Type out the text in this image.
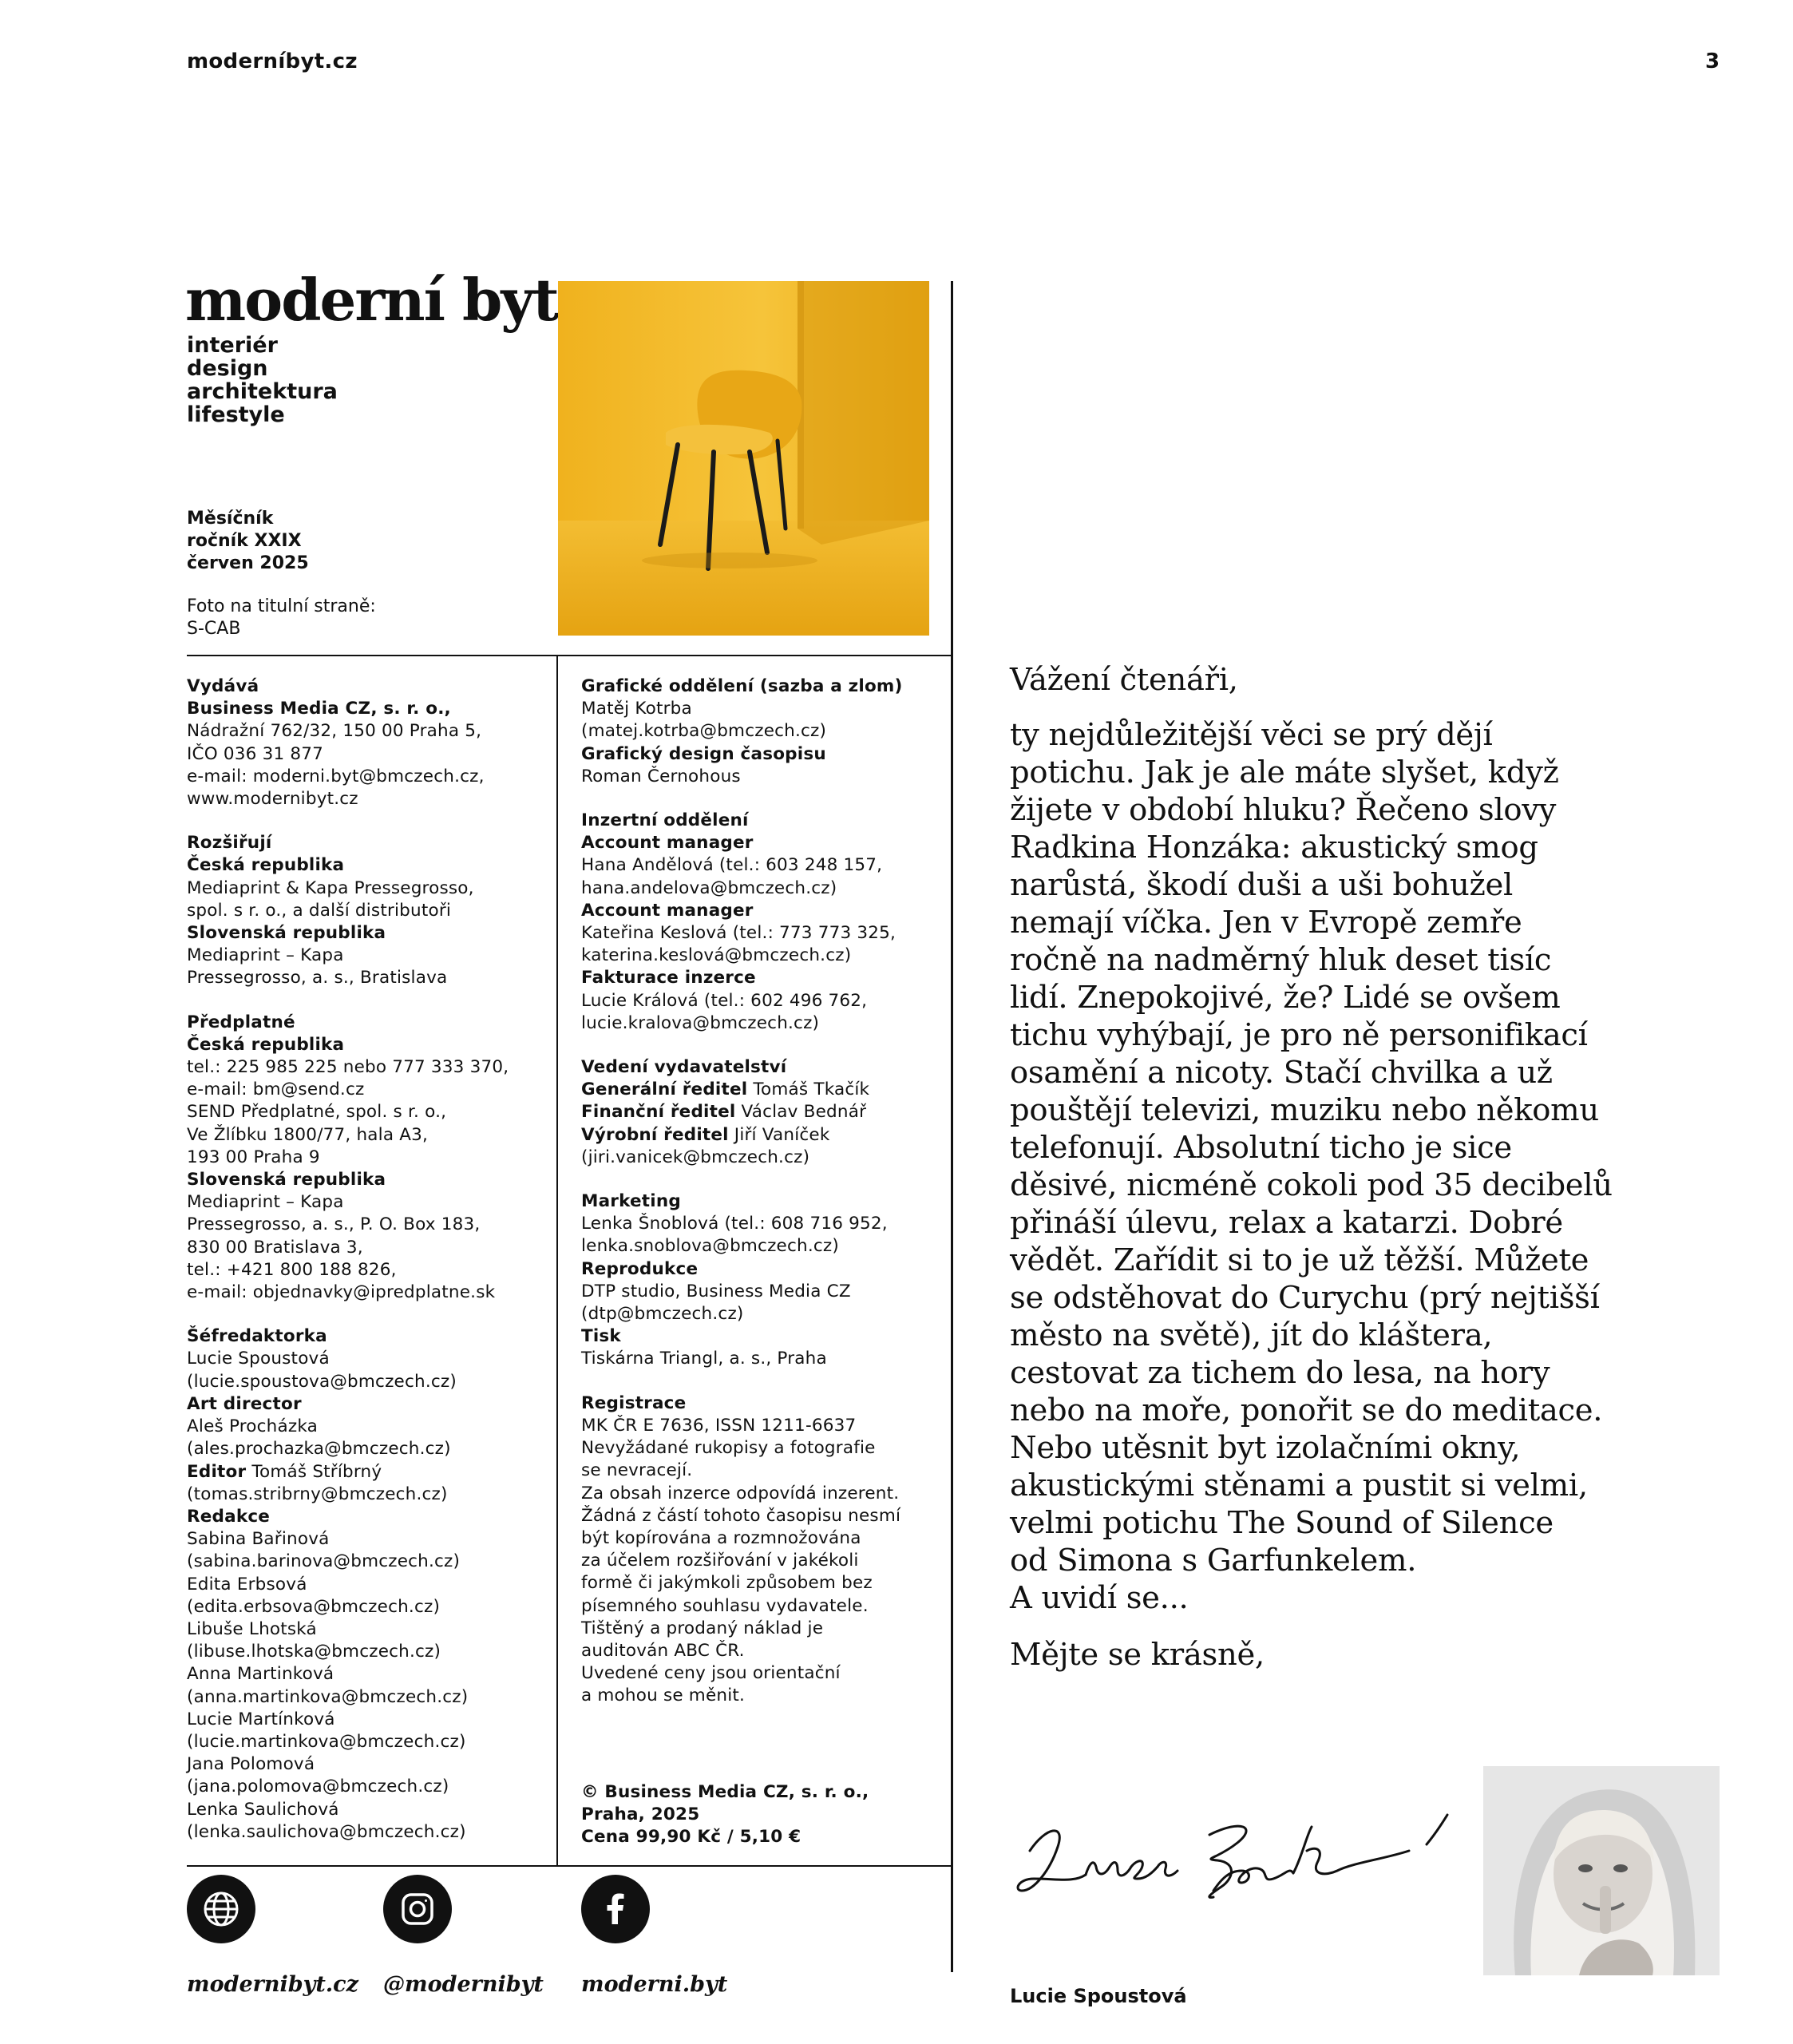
moderníbyt.cz	3
moderní byt
interiér
design
architektura
lifestyle
Měsíčník
ročník XXIX
červen 2025
Foto na titulní straně:
S-CAB
Vydává
Business Media CZ, s. r. o.,
Nádražní 762/32, 150 00 Praha 5,
IČO 036 31 877
e-mail: moderni.byt@bmczech.cz,
www.modernibyt.cz
Rozšiřují
Česká republika
Mediaprint & Kapa Pressegrosso,
spol. s r. o., a další distributoři
Slovenská republika
Mediaprint – Kapa
Pressegrosso, a. s., Bratislava
Předplatné
Česká republika
tel.: 225 985 225 nebo 777 333 370,
e-mail: bm@send.cz
SEND Předplatné, spol. s r. o.,
Ve Žlíbku 1800/77, hala A3,
193 00 Praha 9
Slovenská republika
Mediaprint – Kapa
Pressegrosso, a. s., P. O. Box 183,
830 00 Bratislava 3,
tel.: +421 800 188 826,
e-mail: objednavky@ipredplatne.sk
Šéfredaktorka
Lucie Spoustová
(lucie.spoustova@bmczech.cz)
Art director
Aleš Procházka
(ales.prochazka@bmczech.cz)
Editor Tomáš Stříbrný
(tomas.stribrny@bmczech.cz)
Redakce
Sabina Bařinová
(sabina.barinova@bmczech.cz)
Edita Erbsová
(edita.erbsova@bmczech.cz)
Libuše Lhotská
(libuse.lhotska@bmczech.cz)
Anna Martinková
(anna.martinkova@bmczech.cz)
Lucie Martínková
(lucie.martinkova@bmczech.cz)
Jana Polomová
(jana.polomova@bmczech.cz)
Lenka Saulichová
(lenka.saulichova@bmczech.cz)
Grafické oddělení (sazba a zlom)
Matěj Kotrba
(matej.kotrba@bmczech.cz)
Grafický design časopisu
Roman Černohous
Inzertní oddělení
Account manager
Hana Andělová (tel.: 603 248 157,
hana.andelova@bmczech.cz)
Account manager
Kateřina Keslová (tel.: 773 773 325,
katerina.keslová@bmczech.cz)
Fakturace inzerce
Lucie Králová (tel.: 602 496 762,
lucie.kralova@bmczech.cz)
Vedení vydavatelství
Generální ředitel Tomáš Tkačík
Finanční ředitel Václav Bednář
Výrobní ředitel Jiří Vaníček
(jiri.vanicek@bmczech.cz)
Marketing
Lenka Šnoblová (tel.: 608 716 952,
lenka.snoblova@bmczech.cz)
Reprodukce
DTP studio, Business Media CZ
(dtp@bmczech.cz)
Tisk
Tiskárna Triangl, a. s., Praha
Registrace
MK ČR E 7636, ISSN 1211-6637
Nevyžádané rukopisy a fotografie
se nevracejí.
Za obsah inzerce odpovídá inzerent.
Žádná z částí tohoto časopisu nesmí
být kopírována a rozmnožována
za účelem rozšiřování v jakékoli
formě či jakýmkoli způsobem bez
písemného souhlasu vydavatele.
Tištěný a prodaný náklad je
auditován ABC ČR.
Uvedené ceny jsou orientační
a mohou se měnit.
© Business Media CZ, s. r. o.,
Praha, 2025
Cena 99,90 Kč / 5,10 €
modernibyt.cz @modernibyt moderni.byt
Vážení čtenáři,
ty nejdůležitější věci se prý dějí
potichu. Jak je ale máte slyšet, když
žijete v období hluku? Řečeno slovy
Radkina Honzáka: akustický smog
narůstá, škodí duši a uši bohužel
nemají víčka. Jen v Evropě zemře
ročně na nadměrný hluk deset tisíc
lidí. Znepokojivé, že? Lidé se ovšem
tichu vyhýbají, je pro ně personifikací
osamění a nicoty. Stačí chvilka a už
pouštějí televizi, muziku nebo někomu
telefonují. Absolutní ticho je sice
děsivé, nicméně cokoli pod 35 decibelů
přináší úlevu, relax a katarzi. Dobré
vědět. Zařídit si to je už těžší. Můžete
se odstěhovat do Curychu (prý nejtišší
město na světě), jít do kláštera,
cestovat za tichem do lesa, na hory
nebo na moře, ponořit se do meditace.
Nebo utěsnit byt izolačními okny,
akustickými stěnami a pustit si velmi,
velmi potichu The Sound of Silence
od Simona s Garfunkelem.
A uvidí se...
Mějte se krásně,
Lucie Spoustová
